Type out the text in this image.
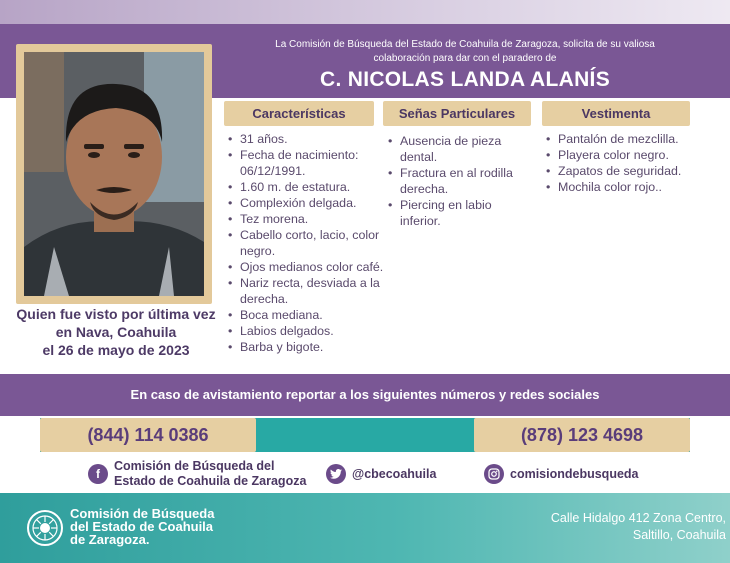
La Comisión de Búsqueda del Estado de Coahuila de Zaragoza, solicita de su valiosa
colaboración para dar con el paradero de
C. NICOLAS LANDA ALANÍS
Quien fue visto por última vez
en Nava, Coahuila
el 26 de mayo de 2023
Características	Señas Particulares	Vestimenta
• 31 años.
• Fecha de nacimiento: 06/12/1991.
• 1.60 m. de estatura.
• Complexión delgada.
• Tez morena.
• Cabello corto, lacio, color negro.
• Ojos medianos color café.
• Nariz recta, desviada a la derecha.
• Boca mediana.
• Labios delgados.
• Barba y bigote.
• Ausencia de pieza dental.
• Fractura en al rodilla derecha.
• Piercing en labio inferior.
• Pantalón de mezclilla.
• Playera color negro.
• Zapatos de seguridad.
• Mochila color rojo..
En caso de avistamiento reportar a los siguientes números y redes sociales
(844) 114 0386	(878) 123 4698
f
Comisión de Búsqueda del
Estado de Coahuila de Zaragoza
@cbecoahuila	comisiondebusqueda
Comisión de Búsqueda
del Estado de Coahuila
de Zaragoza.
Calle Hidalgo 412 Zona Centro,
Saltillo, Coahuila
